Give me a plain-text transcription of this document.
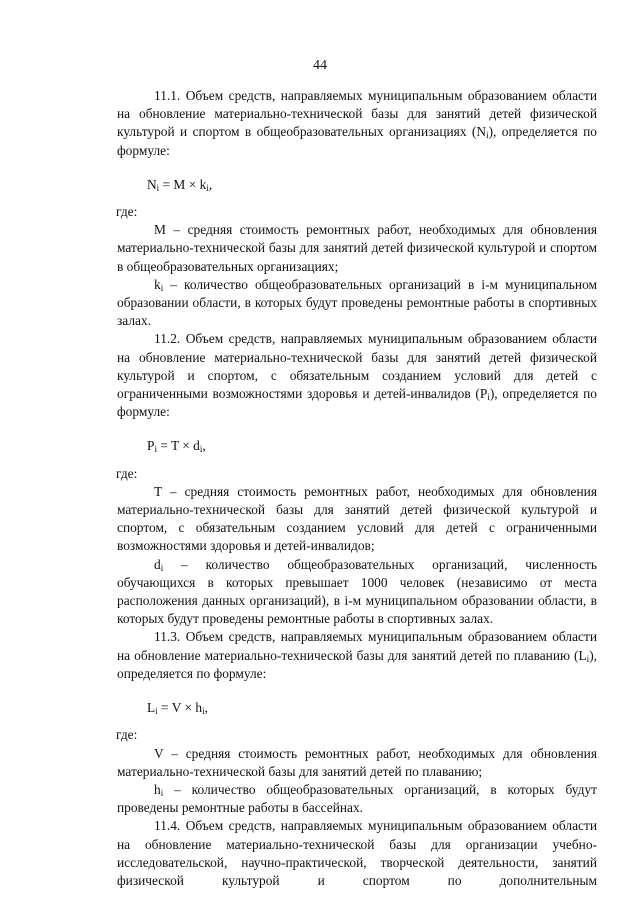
44

11.1. Объем средств, направляемых муниципальным образованием области на обновление материально-технической базы для занятий детей физической культурой и спортом в общеобразовательных организациях $(N_i)$, определяется по формуле:

$N_i = M \times k_i$,

где:

M – средняя стоимость ремонтных работ, необходимых для обновления материально-технической базы для занятий детей физической культурой и спортом в общеобразовательных организациях;

$k_i$ – количество общеобразовательных организаций в i-м муниципальном образовании области, в которых будут проведены ремонтные работы в спортивных залах.

11.2. Объем средств, направляемых муниципальным образованием области на обновление материально-технической базы для занятий детей физической культурой и спортом, с обязательным созданием условий для детей с ограниченными возможностями здоровья и детей-инвалидов $(P_i)$, определяется по формуле:

$P_i = T \times d_i$,

где:

T – средняя стоимость ремонтных работ, необходимых для обновления материально-технической базы для занятий детей физической культурой и спортом, с обязательным созданием условий для детей с ограниченными возможностями здоровья и детей-инвалидов;

$d_i$ – количество общеобразовательных организаций, численность обучающихся в которых превышает 1000 человек (независимо от места расположения данных организаций), в i-м муниципальном образовании области, в которых будут проведены ремонтные работы в спортивных залах.

11.3. Объем средств, направляемых муниципальным образованием области на обновление материально-технической базы для занятий детей по плаванию $(L_i)$, определяется по формуле:

$L_i = V \times h_i$,

где:

V – средняя стоимость ремонтных работ, необходимых для обновления материально-технической базы для занятий детей по плаванию;

$h_i$ – количество общеобразовательных организаций, в которых будут проведены ремонтные работы в бассейнах.

11.4. Объем средств, направляемых муниципальным образованием области на обновление материально-технической базы для организации учебно-исследовательской, научно-практической, творческой деятельности, занятий физической культурой и спортом по дополнительным
